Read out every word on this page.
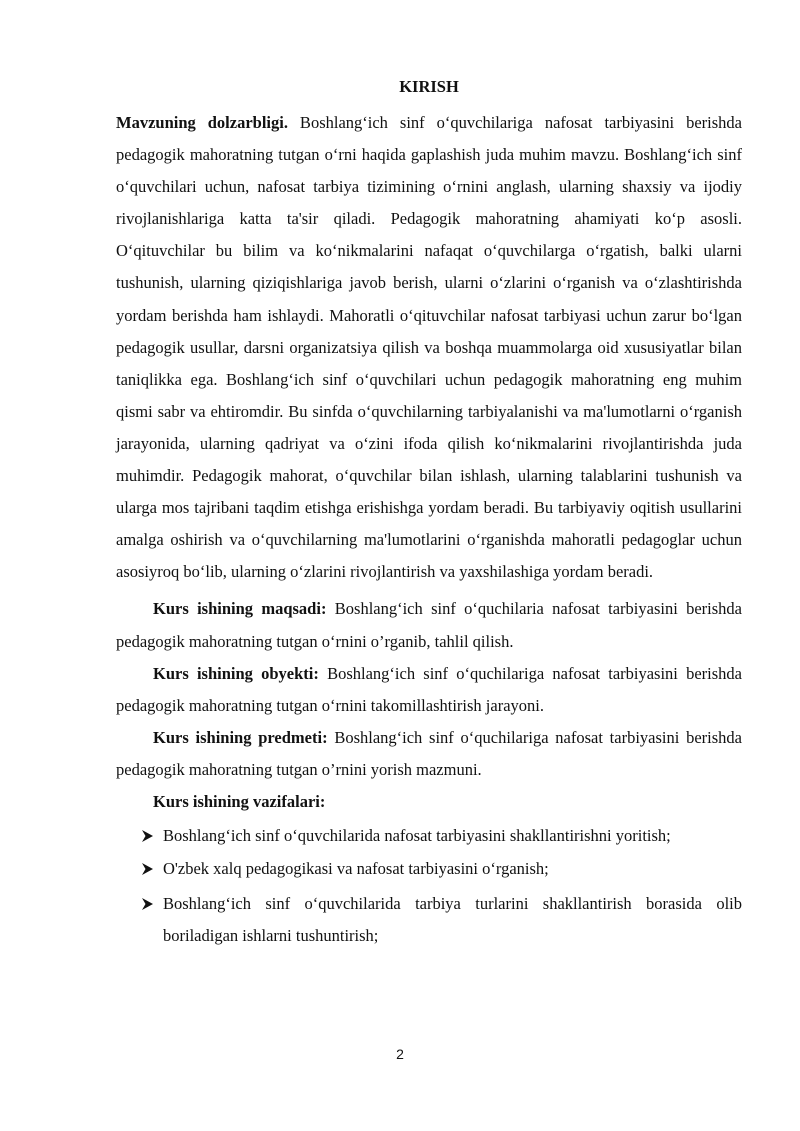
KIRISH

Mavzuning dolzarbligi. Boshlang‘ich sinf o‘quvchilariga nafosat tarbiyasini berishda pedagogik mahoratning tutgan o‘rni haqida gaplashish juda muhim mavzu. Boshlang‘ich sinf o‘quvchilari uchun, nafosat tarbiya tizimining o‘rnini anglash, ularning shaxsiy va ijodiy rivojlanishlariga katta ta'sir qiladi. Pedagogik mahoratning ahamiyati ko‘p asosli. O‘qituvchilar bu bilim va ko‘nikmalarini nafaqat o‘quvchilarga o‘rgatish, balki ularni tushunish, ularning qiziqishlariga javob berish, ularni o‘zlarini o‘rganish va o‘zlashtirishda yordam berishda ham ishlaydi. Mahoratli o‘qituvchilar nafosat tarbiyasi uchun zarur bo‘lgan pedagogik usullar, darsni organizatsiya qilish va boshqa muammolarga oid xususiyatlar bilan taniqlikka ega. Boshlang‘ich sinf o‘quvchilari uchun pedagogik mahoratning eng muhim qismi sabr va ehtiromdir. Bu sinfda o‘quvchilarning tarbiyalanishi va ma'lumotlarni o‘rganish jarayonida, ularning qadriyat va o‘zini ifoda qilish ko‘nikmalarini rivojlantirishda juda muhimdir. Pedagogik mahorat, o‘quvchilar bilan ishlash, ularning talablarini tushunish va ularga mos tajribani taqdim etishga erishishga yordam beradi. Bu tarbiyaviy oqitish usullarini amalga oshirish va o‘quvchilarning ma'lumotlarini o‘rganishda mahoratli pedagoglar uchun asosiyroq bo‘lib, ularning o‘zlarini rivojlantirish va yaxshilashiga yordam beradi.

Kurs ishining maqsadi: Boshlang‘ich sinf o‘quchilaria nafosat tarbiyasini berishda pedagogik mahoratning tutgan o‘rnini o’rganib, tahlil qilish.

Kurs ishining obyekti: Boshlang‘ich sinf o‘quchilariga nafosat tarbiyasini berishda pedagogik mahoratning tutgan o‘rnini takomillashtirish jarayoni.

Kurs ishining predmeti: Boshlang‘ich sinf o‘quchilariga nafosat tarbiyasini berishda pedagogik mahoratning tutgan o’rnini yorish mazmuni.

Kurs ishining vazifalari:

Boshlang‘ich sinf o‘quvchilarida nafosat tarbiyasini shakllantirishni yoritish;
O'zbek xalq pedagogikasi va nafosat tarbiyasini o‘rganish;
Boshlang‘ich sinf o‘quvchilarida tarbiya turlarini shakllantirish borasida olib boriladigan ishlarni tushuntirish;
2
